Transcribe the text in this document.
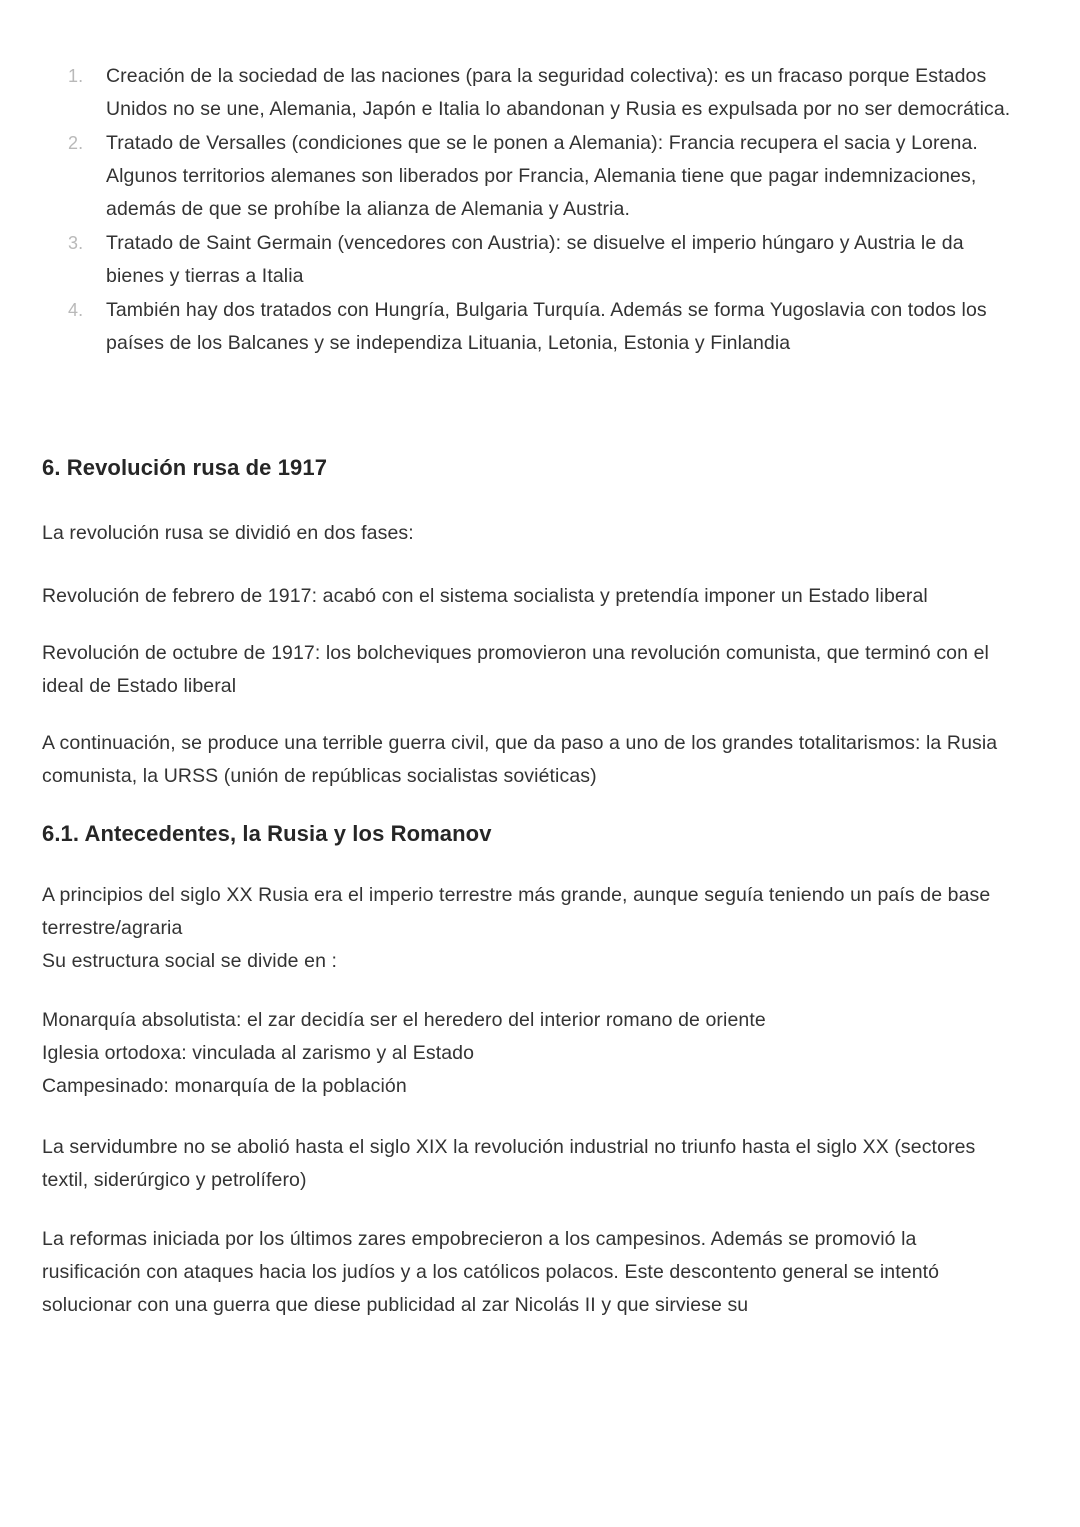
Creación de la sociedad de las naciones (para la seguridad colectiva): es un fracaso porque Estados Unidos no se une, Alemania, Japón e Italia lo abandonan y Rusia es expulsada por no ser democrática.
Tratado de Versalles (condiciones que se le ponen a Alemania): Francia recupera el sacia y Lorena. Algunos territorios alemanes son liberados por Francia, Alemania tiene que pagar indemnizaciones, además de que se prohíbe la alianza de Alemania y Austria.
Tratado de Saint Germain (vencedores con Austria): se disuelve el imperio húngaro y Austria le da bienes y tierras a Italia
También hay dos tratados con Hungría, Bulgaria Turquía. Además se forma Yugoslavia con todos los países de los Balcanes y se independiza Lituania, Letonia, Estonia y Finlandia
6. Revolución rusa de 1917

La revolución rusa se dividió en dos fases:

Revolución de febrero de 1917: acabó con el sistema socialista y pretendía imponer un Estado liberal

Revolución de octubre de 1917: los bolcheviques promovieron una revolución comunista, que terminó con el ideal de Estado liberal

A continuación, se produce una terrible guerra civil, que da paso a uno de los grandes totalitarismos: la Rusia comunista, la URSS (unión de repúblicas socialistas soviéticas)

6.1. Antecedentes, la Rusia y los Romanov

A principios del siglo XX Rusia era el imperio terrestre más grande, aunque seguía teniendo un país de base terrestre/agraria

Su estructura social se divide en :

Monarquía absolutista: el zar decidía ser el heredero del interior romano de oriente

Iglesia ortodoxa: vinculada al zarismo y al Estado

Campesinado: monarquía de la población

La servidumbre no se abolió hasta el siglo XIX la revolución industrial no triunfo hasta el siglo XX (sectores textil, siderúrgico y petrolífero)

La reformas iniciada por los últimos zares empobrecieron a los campesinos. Además se promovió la rusificación con ataques hacia los judíos y a los católicos polacos. Este descontento general se intentó solucionar con una guerra que diese publicidad al zar Nicolás II y que sirviese su
